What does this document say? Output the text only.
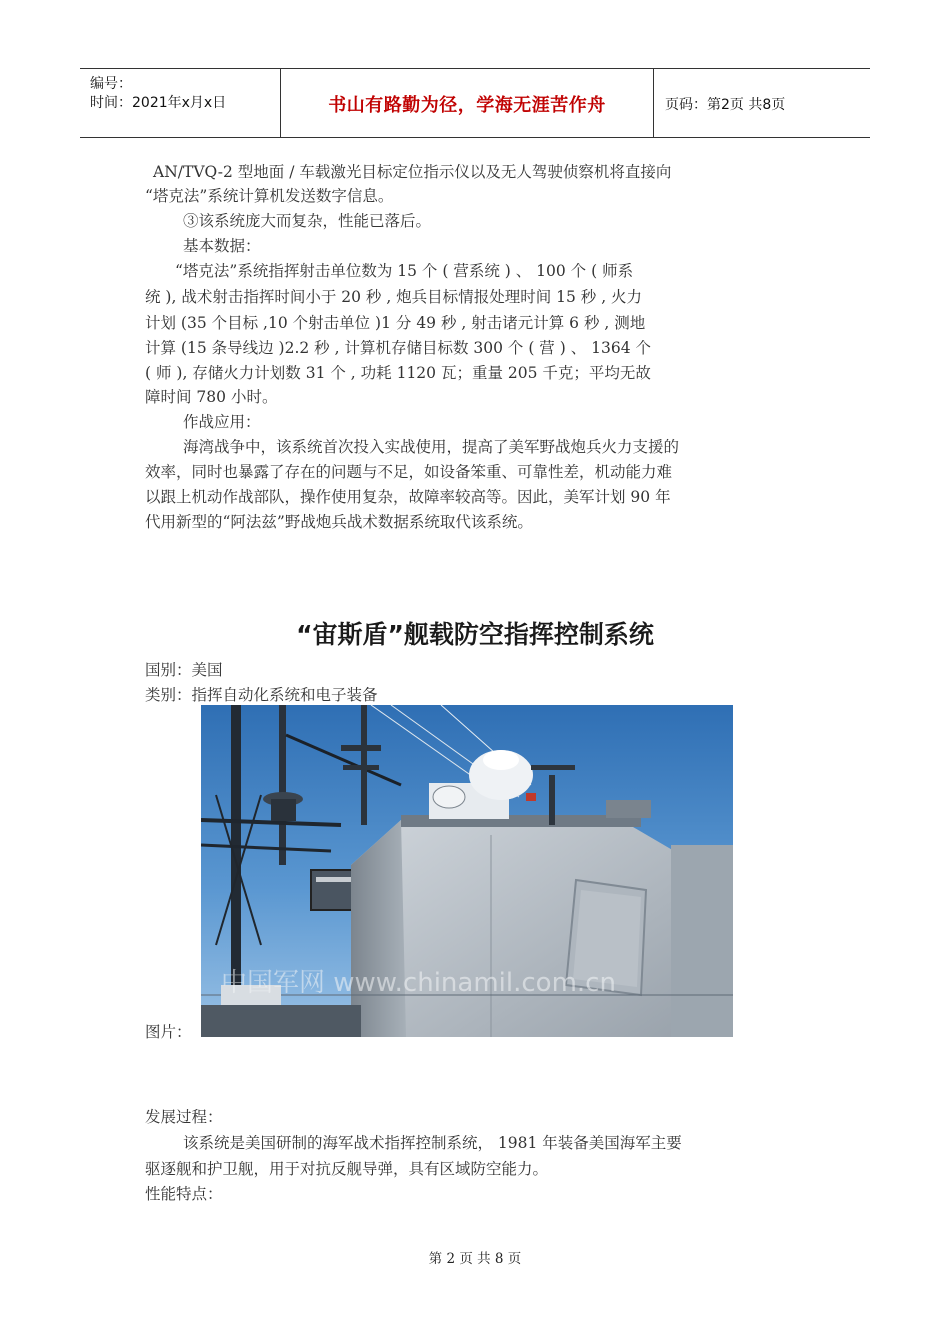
编号：
时间：2021年x月x日	书山有路勤为径，学海无涯苦作舟	页码：第2页 共8页
AN/TVQ-2 型地面 / 车载激光目标定位指示仪以及无人驾驶侦察机将直接向
“塔克法”系统计算机发送数字信息。
③该系统庞大而复杂，性能已落后。
基本数据：
“塔克法”系统指挥射击单位数为 15 个 ( 营系统 ) 、 100 个 ( 师系
统 ), 战术射击指挥时间小于 20 秒 , 炮兵目标情报处理时间 15 秒 , 火力
计划 (35 个目标 ,10 个射击单位 )1 分 49 秒 , 射击诸元计算 6 秒 , 测地
计算 (15 条导线边 )2.2 秒 , 计算机存储目标数 300 个 ( 营 ) 、 1364 个
( 师 ), 存储火力计划数 31 个 , 功耗 1120 瓦；重量 205 千克；平均无故
障时间 780 小时。
作战应用：
海湾战争中，该系统首次投入实战使用，提高了美军野战炮兵火力支援的
效率，同时也暴露了存在的问题与不足，如设备笨重、可靠性差，机动能力难
以跟上机动作战部队，操作使用复杂，故障率较高等。因此，美军计划 90 年
代用新型的“阿法兹”野战炮兵战术数据系统取代该系统。
“宙斯盾”舰载防空指挥控制系统
国别：美国
类别：指挥自动化系统和电子装备
中国军网 www.chinamil.com.cn
图片：
发展过程：
该系统是美国研制的海军战术指挥控制系统， 1981 年装备美国海军主要
驱逐舰和护卫舰，用于对抗反舰导弹，具有区域防空能力。
性能特点：
第 2 页 共 8 页
